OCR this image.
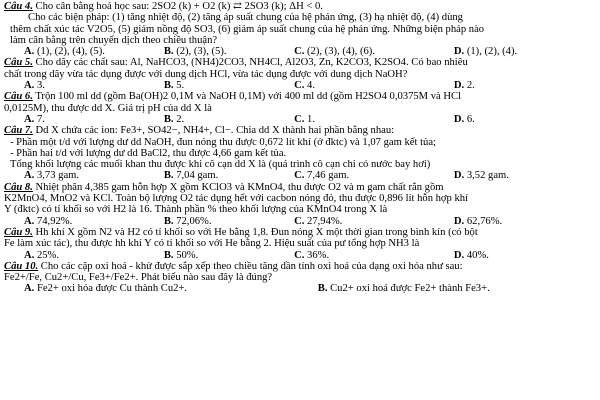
Câu 4. Cho cân bằng hoá học sau: 2SO2 (k) + O2 (k) ⇄ 2SO3 (k); ΔH < 0.
Cho các biện pháp: (1) tăng nhiệt độ, (2) tăng áp suất chung của hệ phản ứng, (3) hạ nhiệt độ, (4) dùng
thêm chất xúc tác V2O5, (5) giảm nồng độ SO3, (6) giảm áp suất chung của hệ phản ứng. Những biện pháp nào
làm cân bằng trên chuyển dịch theo chiều thuận?
A. (1), (2), (4), (5).	B. (2), (3), (5).	C. (2), (3), (4), (6).	D. (1), (2), (4).
Câu 5. Cho dãy các chất sau: Al, NaHCO3, (NH4)2CO3, NH4Cl, Al2O3, Zn, K2CO3, K2SO4. Có bao nhiêu
chất trong dãy vừa tác dụng được với dung dịch HCl, vừa tác dụng được với dung dịch NaOH?
A. 3.	B. 5.	C. 4.	D. 2.
Câu 6. Trộn 100 ml dd (gồm Ba(OH)2 0,1M và NaOH 0,1M) với 400 ml dd (gồm H2SO4 0,0375M và HCl
0,0125M), thu được dd X. Giá trị pH của dd X là
A. 7.	B. 2.	C. 1.	D. 6.
Câu 7. Dd X chứa các ion: Fe3+, SO42−, NH4+, Cl−. Chia dd X thành hai phần bằng nhau:
- Phần một t/d với lượng dư dd NaOH, đun nóng thu được 0,672 lít khí (ở đktc) và 1,07 gam kết tủa;
- Phần hai t/d với lượng dư dd BaCl2, thu được 4,66 gam kết tủa.
Tổng khối lượng các muối khan thu được khi cô cạn dd X là (quá trình cô cạn chỉ có nước bay hơi)
A. 3,73 gam.	B. 7,04 gam.	C. 7,46 gam.	D. 3,52 gam.
Câu 8. Nhiệt phân 4,385 gam hỗn hợp X gồm KClO3 và KMnO4, thu được O2 và m gam chất rắn gồm
K2MnO4, MnO2 và KCl. Toàn bộ lượng O2 tác dụng hết với cacbon nóng đỏ, thu được 0,896 lít hỗn hợp khí
Y (đktc) có tỉ khối so với H2 là 16. Thành phần % theo khối lượng của KMnO4 trong X là
A. 74,92%.	B. 72,06%.	C. 27,94%.	D. 62,76%.
Câu 9. Hh khí X gồm N2 và H2 có tỉ khối so với He bằng 1,8. Đun nóng X một thời gian trong bình kín (có bột
Fe làm xúc tác), thu được hh khí Y có tỉ khối so với He bằng 2. Hiệu suất của pư tổng hợp NH3 là
A. 25%.	B. 50%.	C. 36%.	D. 40%.
Câu 10. Cho các cặp oxi hoá - khử được sắp xếp theo chiều tăng dần tính oxi hoá của dạng oxi hóa như sau:
Fe2+/Fe, Cu2+/Cu, Fe3+/Fe2+. Phát biểu nào sau đây là đúng?
A. Fe2+ oxi hóa được Cu thành Cu2+.	B. Cu2+ oxi hoá được Fe2+ thành Fe3+.
